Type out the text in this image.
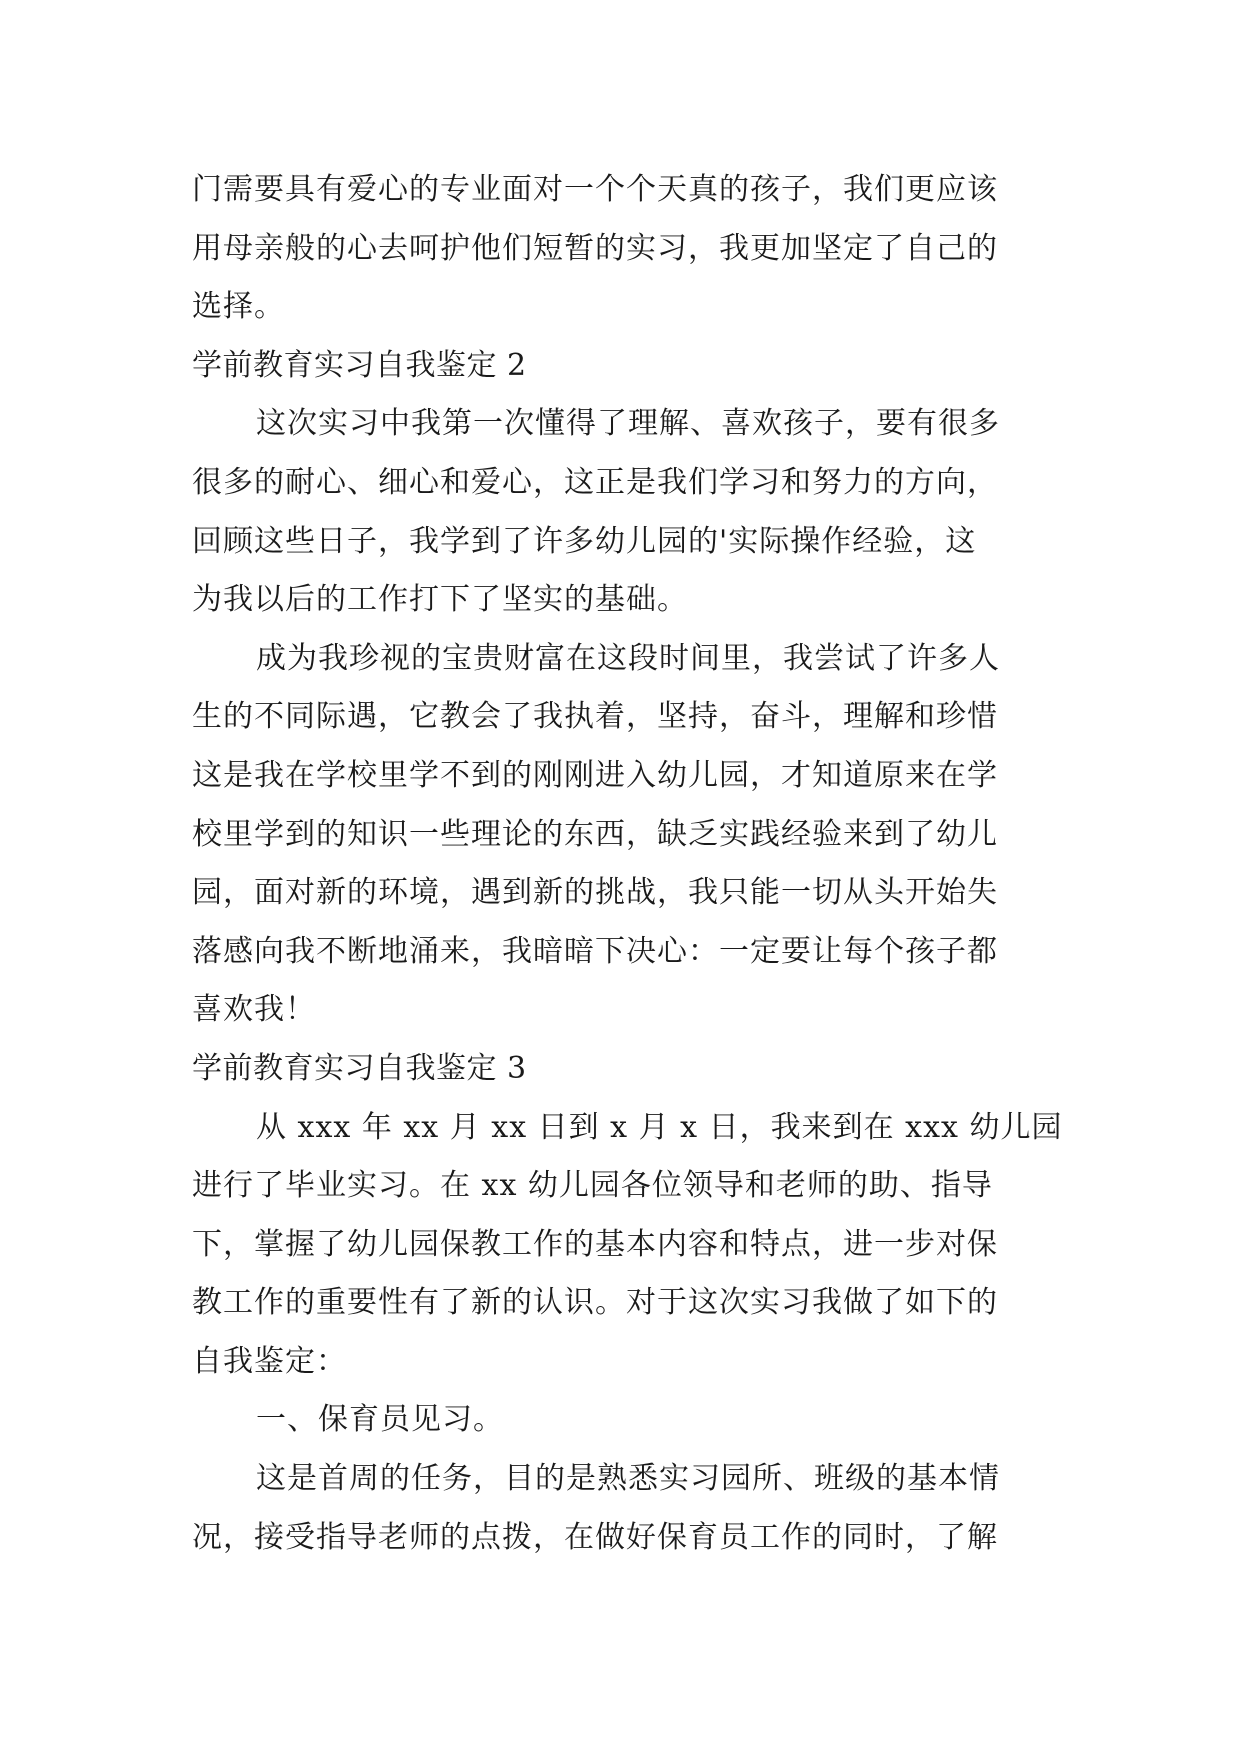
门需要具有爱心的专业面对一个个天真的孩子，我们更应该
用母亲般的心去呵护他们短暂的实习，我更加坚定了自己的
选择。
学前教育实习自我鉴定 2
这次实习中我第一次懂得了理解、喜欢孩子，要有很多
很多的耐心、细心和爱心，这正是我们学习和努力的方向，
回顾这些日子，我学到了许多幼儿园的'实际操作经验，这
为我以后的工作打下了坚实的基础。
成为我珍视的宝贵财富在这段时间里，我尝试了许多人
生的不同际遇，它教会了我执着，坚持，奋斗，理解和珍惜
这是我在学校里学不到的刚刚进入幼儿园，才知道原来在学
校里学到的知识一些理论的东西，缺乏实践经验来到了幼儿
园，面对新的环境，遇到新的挑战，我只能一切从头开始失
落感向我不断地涌来，我暗暗下决心：一定要让每个孩子都
喜欢我！
学前教育实习自我鉴定 3
从 xxx 年 xx 月 xx 日到 x 月 x 日，我来到在 xxx 幼儿园
进行了毕业实习。在 xx 幼儿园各位领导和老师的助、指导
下，掌握了幼儿园保教工作的基本内容和特点，进一步对保
教工作的重要性有了新的认识。对于这次实习我做了如下的
自我鉴定：
一、保育员见习。
这是首周的任务，目的是熟悉实习园所、班级的基本情
况，接受指导老师的点拨，在做好保育员工作的同时，了解
